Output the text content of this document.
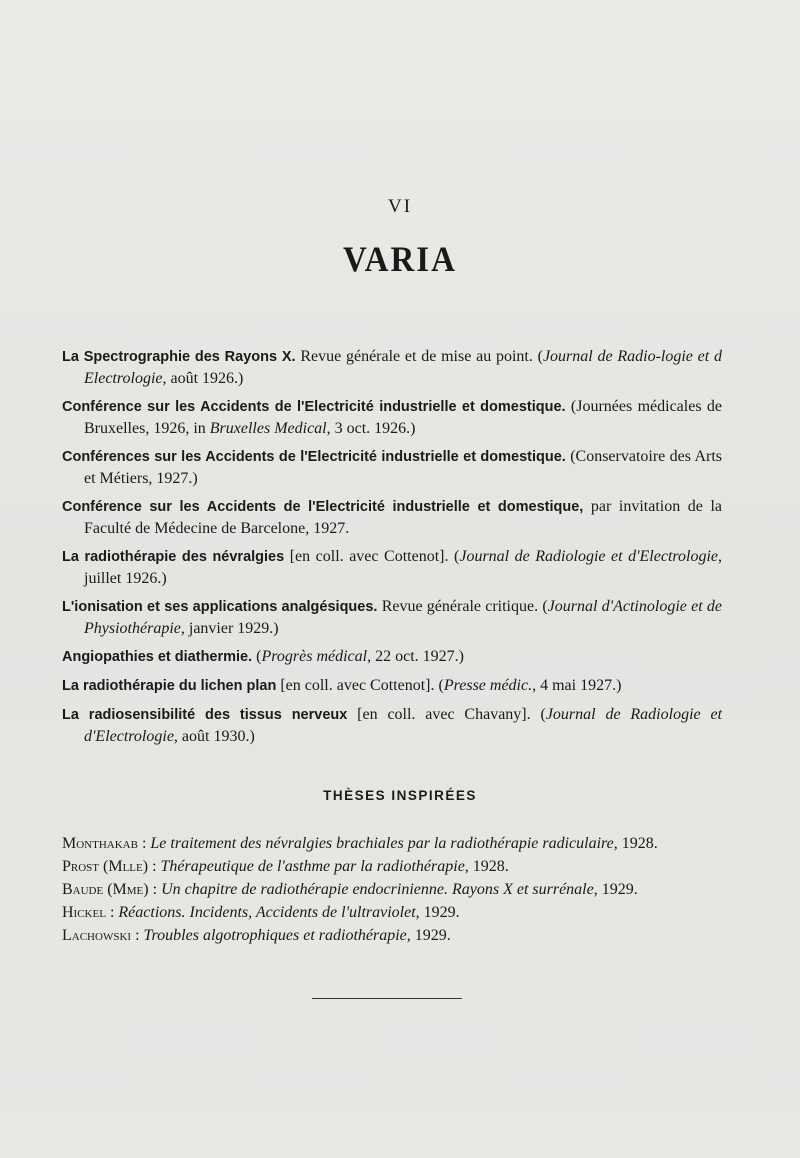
VI
VARIA
La Spectrographie des Rayons X. Revue générale et de mise au point. (Journal de Radio-logie et d Electrologie, août 1926.)
Conférence sur les Accidents de l'Electricité industrielle et domestique. (Journées médicales de Bruxelles, 1926, in Bruxelles Medical, 3 oct. 1926.)
Conférences sur les Accidents de l'Electricité industrielle et domestique. (Conservatoire des Arts et Métiers, 1927.)
Conférence sur les Accidents de l'Electricité industrielle et domestique, par invitation de la Faculté de Médecine de Barcelone, 1927.
La radiothérapie des névralgies [en coll. avec Cottenot]. (Journal de Radiologie et d'Electrologie, juillet 1926.)
L'ionisation et ses applications analgésiques. Revue générale critique. (Journal d'Actinologie et de Physiothérapie, janvier 1929.)
Angiopathies et diathermie. (Progrès médical, 22 oct. 1927.)
La radiothérapie du lichen plan [en coll. avec Cottenot]. (Presse médic., 4 mai 1927.)
La radiosensibilité des tissus nerveux [en coll. avec Chavany]. (Journal de Radiologie et d'Electrologie, août 1930.)
THÈSES INSPIRÉES
Monthakab : Le traitement des névralgies brachiales par la radiothérapie radiculaire, 1928.
Prost (Mlle) : Thérapeutique de l'asthme par la radiothérapie, 1928.
Baude (Mme) : Un chapitre de radiothérapie endocrinienne. Rayons X et surrénale, 1929.
Hickel : Réactions. Incidents, Accidents de l'ultraviolet, 1929.
Lachowski : Troubles algotrophiques et radiothérapie, 1929.
